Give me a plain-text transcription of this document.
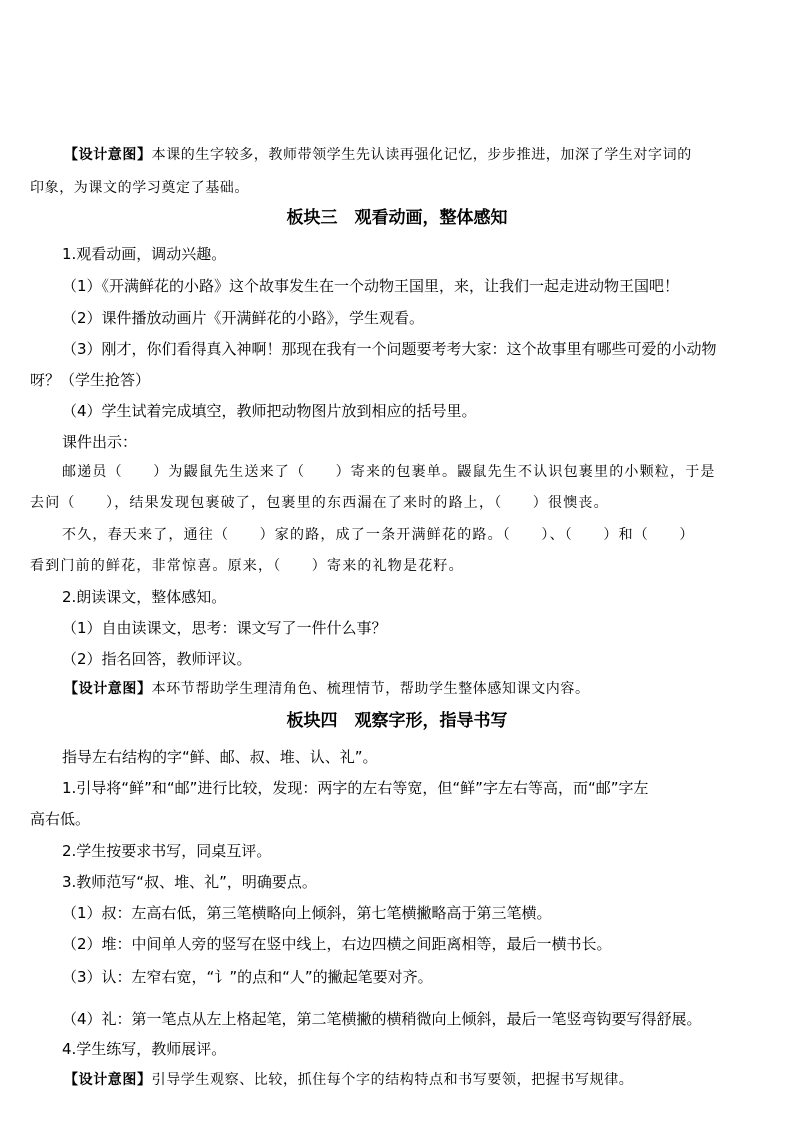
【设计意图】本课的生字较多，教师带领学生先认读再强化记忆，步步推进，加深了学生对字词的
印象，为课文的学习奠定了基础。
板块三　观看动画，整体感知
1.观看动画，调动兴趣。
（1）《开满鲜花的小路》这个故事发生在一个动物王国里，来，让我们一起走进动物王国吧！
（2）课件播放动画片《开满鲜花的小路》，学生观看。
（3）刚才，你们看得真入神啊！那现在我有一个问题要考考大家：这个故事里有哪些可爱的小动物
呀？（学生抢答）
（4）学生试着完成填空，教师把动物图片放到相应的括号里。
课件出示：
邮递员（　　）为鼹鼠先生送来了（　　）寄来的包裹单。鼹鼠先生不认识包裹里的小颗粒，于是
去问（　　），结果发现包裹破了，包裹里的东西漏在了来时的路上，（　　）很懊丧。
不久，春天来了，通往（　　）家的路，成了一条开满鲜花的路。（　　）、（　　）和（　　）
看到门前的鲜花，非常惊喜。原来，（　　）寄来的礼物是花籽。
2.朗读课文，整体感知。
（1）自由读课文，思考：课文写了一件什么事？
（2）指名回答，教师评议。
【设计意图】本环节帮助学生理清角色、梳理情节，帮助学生整体感知课文内容。
板块四　观察字形，指导书写
指导左右结构的字“鲜、邮、叔、堆、认、礼”。
1.引导将“鲜”和“邮”进行比较，发现：两字的左右等宽，但“鲜”字左右等高，而“邮”字左
高右低。
2.学生按要求书写，同桌互评。
3.教师范写“叔、堆、礼”，明确要点。
（1）叔：左高右低，第三笔横略向上倾斜，第七笔横撇略高于第三笔横。
（2）堆：中间单人旁的竖写在竖中线上，右边四横之间距离相等，最后一横书长。
（3）认：左窄右宽，“讠”的点和“人”的撇起笔要对齐。
（4）礼：第一笔点从左上格起笔，第二笔横撇的横稍微向上倾斜，最后一笔竖弯钩要写得舒展。
4.学生练写，教师展评。
【设计意图】引导学生观察、比较，抓住每个字的结构特点和书写要领，把握书写规律。
